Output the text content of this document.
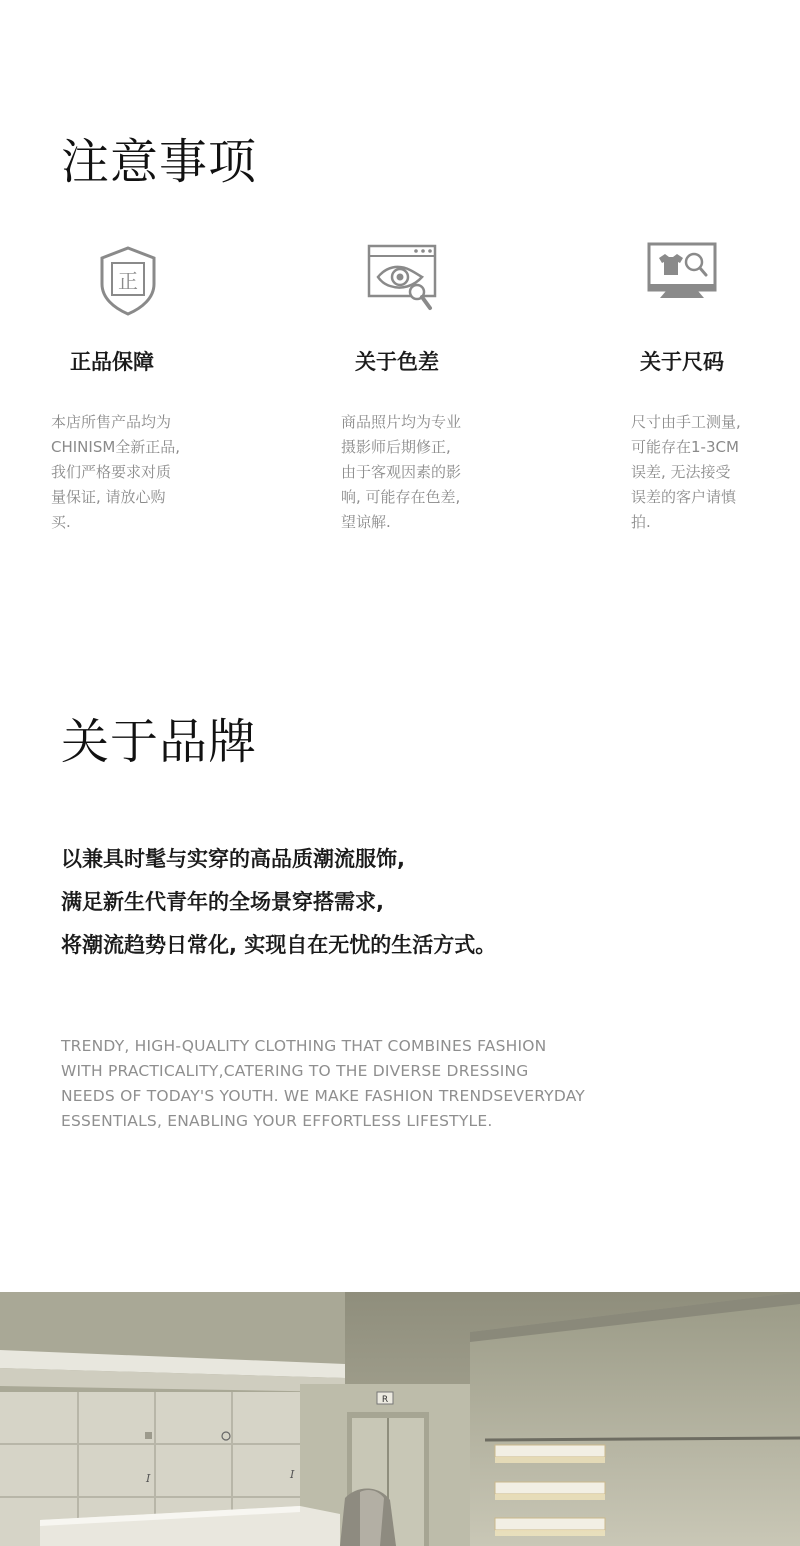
注意事项
正
正品保障
本店所售产品均为
CHINISM全新正品,
我们严格要求对质
量保证, 请放心购
买.
关于色差
商品照片均为专业
摄影师后期修正,
由于客观因素的影
响, 可能存在色差,
望谅解.
关于尺码
尺寸由手工测量,
可能存在1-3CM
误差, 无法接受
误差的客户请慎
拍.
关于品牌
以兼具时髦与实穿的高品质潮流服饰,
满足新生代青年的全场景穿搭需求,
将潮流趋势日常化, 实现自在无忧的生活方式。
TRENDY, HIGH-QUALITY CLOTHING THAT COMBINES FASHION
WITH PRACTICALITY,CATERING TO THE DIVERSE DRESSING
NEEDS OF TODAY'S YOUTH. WE MAKE FASHION TRENDSEVERYDAY
ESSENTIALS, ENABLING YOUR EFFORTLESS LIFESTYLE.
I	I
R
